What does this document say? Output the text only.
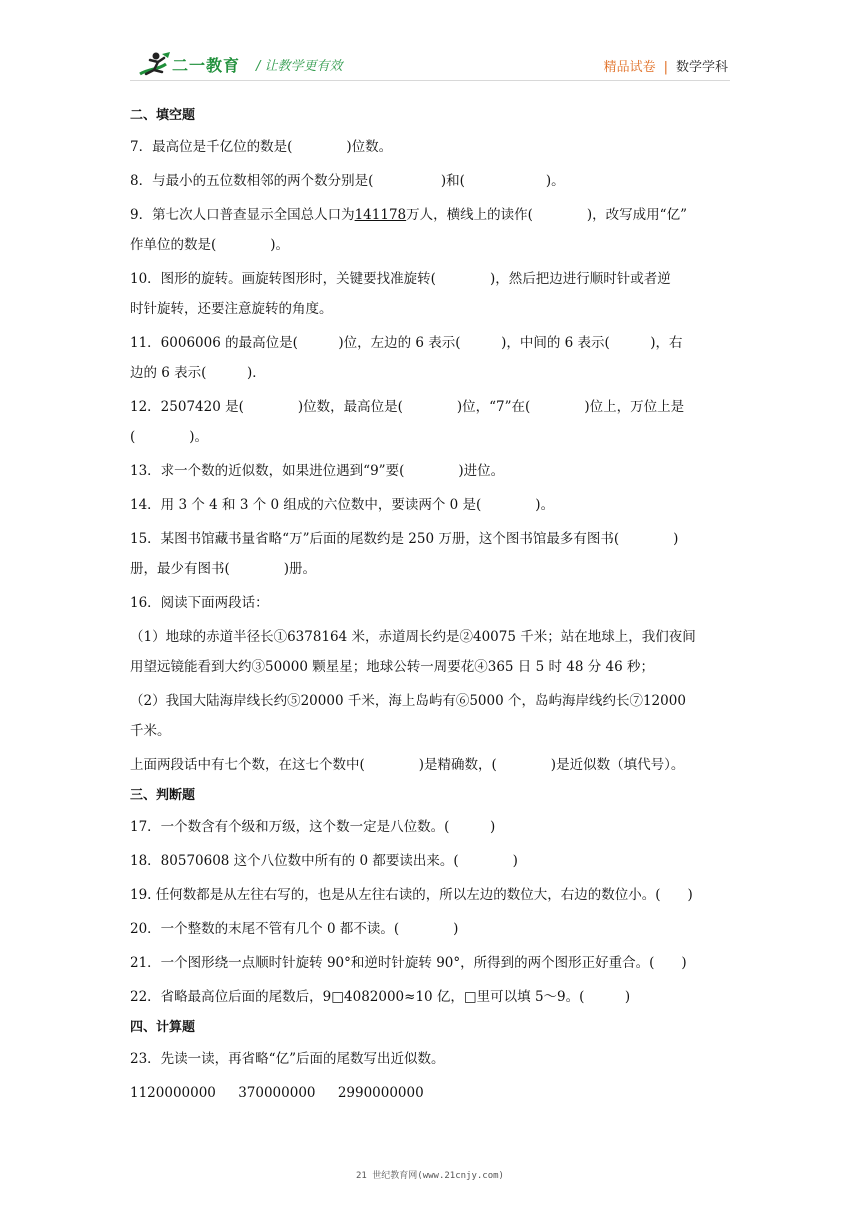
二一教育 / 让教学更有效	精品试卷 | 数学学科
二、填空题
7．最高位是千亿位的数是(　　　　)位数。
8．与最小的五位数相邻的两个数分别是(　　　　　)和(　　　　　　)。
9．第七次人口普查显示全国总人口为141178万人，横线上的读作(　　　　)，改写成用“亿”
作单位的数是(　　　　)。
10．图形的旋转。画旋转图形时，关键要找准旋转(　　　　)，然后把边进行顺时针或者逆
时针旋转，还要注意旋转的角度。
11．6006006 的最高位是(　　　)位，左边的 6 表示(　　　)，中间的 6 表示(　　　)，右
边的 6 表示(　　　)．
12．2507420 是(　　　　)位数，最高位是(　　　　)位，“7”在(　　　　)位上，万位上是
(　　　　)。
13．求一个数的近似数，如果进位遇到“9”要(　　　　)进位。
14．用 3 个 4 和 3 个 0 组成的六位数中，要读两个 0 是(　　　　)。
15．某图书馆藏书量省略“万”后面的尾数约是 250 万册，这个图书馆最多有图书(　　　　)
册，最少有图书(　　　　)册。
16．阅读下面两段话：
（1）地球的赤道半径长①6378164 米，赤道周长约是②40075 千米；站在地球上，我们夜间
用望远镜能看到大约③50000 颗星星；地球公转一周要花④365 日 5 时 48 分 46 秒；
（2）我国大陆海岸线长约⑤20000 千米，海上岛屿有⑥5000 个，岛屿海岸线约长⑦12000
千米。
上面两段话中有七个数，在这七个数中(　　　　)是精确数，(　　　　)是近似数（填代号）。
三、判断题
17．一个数含有个级和万级，这个数一定是八位数。(　　　)
18．80570608 这个八位数中所有的 0 都要读出来。(　　　　)
19. 任何数都是从左往右写的，也是从左往右读的，所以左边的数位大，右边的数位小。(　　)
20．一个整数的末尾不管有几个 0 都不读。(　　　　)
21．一个图形绕一点顺时针旋转 90°和逆时针旋转 90°，所得到的两个图形正好重合。(　　)
22．省略最高位后面的尾数后，9□4082000≈10 亿，□里可以填 5～9。(　　　)
四、计算题
23．先读一读，再省略“亿”后面的尾数写出近似数。
1120000000 370000000 2990000000
21 世纪教育网(www.21cnjy.com)
